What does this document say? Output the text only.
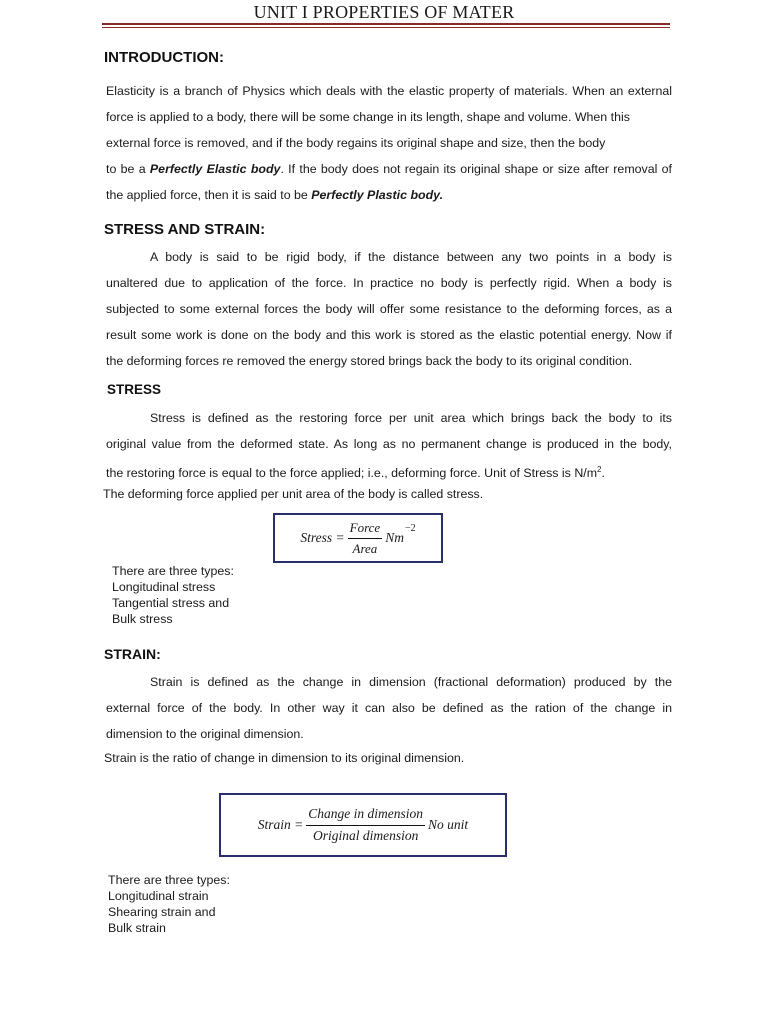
UNIT I PROPERTIES OF MATER
INTRODUCTION:
Elasticity is a branch of Physics which deals with the elastic property of materials. When an external
force is applied to a body, there will be some change in its length, shape and volume. When this
external force is removed, and if the body regains its original shape and size, then the body
to be a Perfectly Elastic body. If the body does not regain its original shape or size after removal of
the applied force, then it is said to be Perfectly Plastic body.
STRESS AND STRAIN:
A body is said to be rigid body, if the distance between any two points in a body is
unaltered due to application of the force. In practice no body is perfectly rigid. When a body is
subjected to some external forces the body will offer some resistance to the deforming forces, as a
result some work is done on the body and this work is stored as the elastic potential energy. Now if
the deforming forces re removed the energy stored brings back the body to its original condition.
STRESS
Stress is defined as the restoring force per unit area which brings back the body to its
original value from the deformed state. As long as no permanent change is produced in the body,
the restoring force is equal to the force applied; i.e., deforming force. Unit of Stress is $N/m^2$.
The deforming force applied per unit area of the body is called stress.
Stress = $\frac{\text{Force}}{\text{Area}}$ Nm
−2
There are three types:
Longitudinal stress
Tangential stress and
Bulk stress
STRAIN:
Strain is defined as the change in dimension (fractional deformation) produced by the
external force of the body. In other way it can also be defined as the ration of the change in
dimension to the original dimension.
Strain is the ratio of change in dimension to its original dimension.
Strain = $\frac{\text{Change in dimension}}{\text{Original dimension}}$ No unit
There are three types:
Longitudinal strain
Shearing strain and
Bulk strain
